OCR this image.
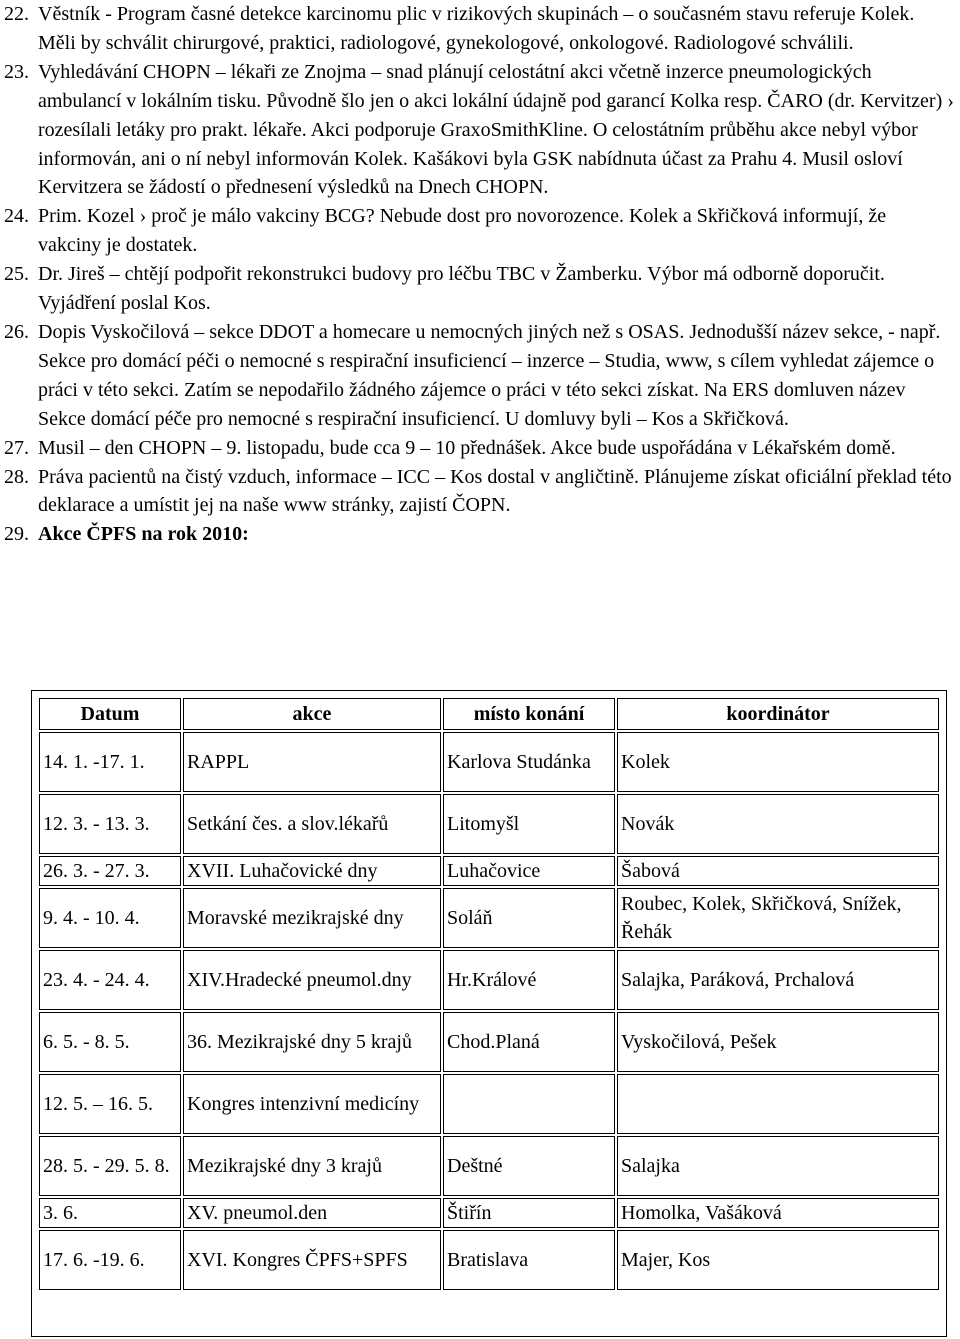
22. Věstník - Program časné detekce karcinomu plic v rizikových skupinách – o současném stavu referuje Kolek. Měli by schválit chirurgové, praktici, radiologové, gynekologové, onkologové. Radiologové schválili.
23. Vyhledávání CHOPN – lékaři ze Znojma – snad plánují celostátní akci včetně inzerce pneumologických ambulancí v lokálním tisku. Původně šlo jen o akci lokální údajně pod garancí Kolka resp. ČARO (dr. Kervitzer) › rozesílali letáky pro prakt. lékaře. Akci podporuje GraxoSmithKline. O celostátním průběhu akce nebyl výbor informován, ani o ní nebyl informován Kolek. Kašákovi byla GSK nabídnuta účast za Prahu 4. Musil osloví Kervitzera se žádostí o přednesení výsledků na Dnech CHOPN.
24. Prim. Kozel › proč je málo vakciny BCG? Nebude dost pro novorozence. Kolek a Skřičková informují, že vakciny je dostatek.
25. Dr. Jireš – chtějí podpořit rekonstrukci budovy pro léčbu TBC v Žamberku. Výbor má odborně doporučit. Vyjádření poslal Kos.
26. Dopis Vyskočilová – sekce DDOT a homecare u nemocných jiných než s OSAS. Jednodušší název sekce, - např. Sekce pro domácí péči o nemocné s respirační insuficiencí – inzerce – Studia, www, s cílem vyhledat zájemce o práci v této sekci. Zatím se nepodařilo žádného zájemce o práci v této sekci získat. Na ERS domluven název Sekce domácí péče pro nemocné s respirační insuficiencí. U domluvy byli – Kos a Skřičková.
27. Musil – den CHOPN – 9. listopadu, bude cca 9 – 10 přednášek. Akce bude uspořádána v Lékařském domě.
28. Práva pacientů na čistý vzduch, informace – ICC – Kos dostal v angličtině. Plánujeme získat oficiální překlad této deklarace a umístit jej na naše www stránky, zajistí ČOPN.
29. Akce ČPFS na rok 2010:
Datum	akce	místo konání	koordinátor
14. 1. -17. 1.	RAPPL	Karlova Studánka	Kolek
12. 3. - 13. 3.	Setkání čes. a slov.lékařů	Litomyšl	Novák
26. 3. - 27. 3.	XVII. Luhačovické dny	Luhačovice	Šabová
9. 4. - 10. 4.	Moravské mezikrajské dny	Soláň	Roubec, Kolek, Skřičková, Snížek, Řehák
23. 4. - 24. 4.	XIV.Hradecké pneumol.dny	Hr.Králové	Salajka, Paráková, Prchalová
6. 5. - 8. 5.	36. Mezikrajské dny 5 krajů	Chod.Planá	Vyskočilová, Pešek
12. 5. – 16. 5.	Kongres intenzivní medicíny		
28. 5. - 29. 5. 8.	Mezikrajské dny 3 krajů	Deštné	Salajka
3. 6.	XV. pneumol.den	Štiřín	Homolka, Vašáková
17. 6. -19. 6.	XVI. Kongres ČPFS+SPFS	Bratislava	Majer, Kos
